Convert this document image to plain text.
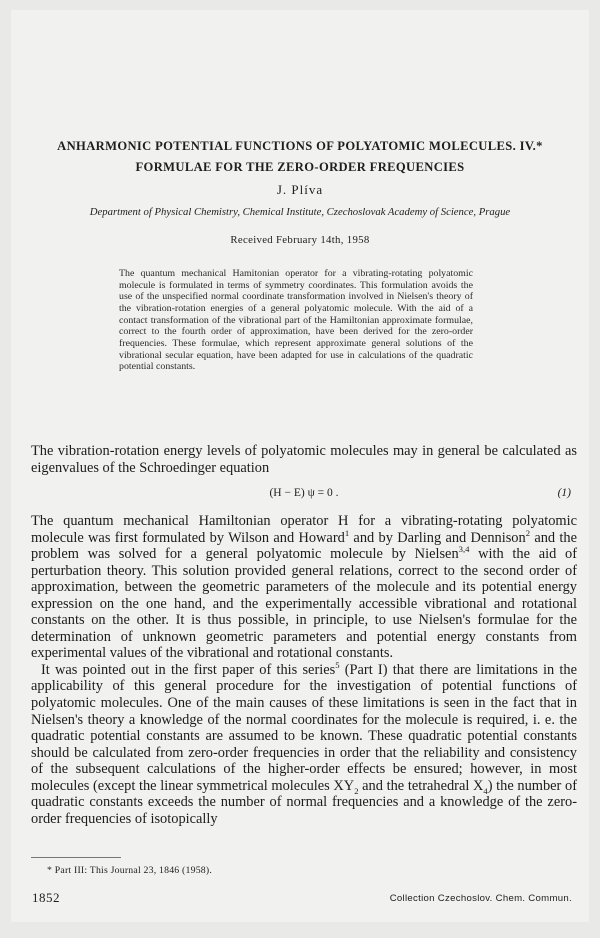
ANHARMONIC POTENTIAL FUNCTIONS OF POLYATOMIC MOLECULES. IV.*
FORMULAE FOR THE ZERO-ORDER FREQUENCIES
J. Plíva
Department of Physical Chemistry, Chemical Institute, Czechoslovak Academy of Science, Prague
Received February 14th, 1958
The quantum mechanical Hamitonian operator for a vibrating-rotating polyatomic molecule is formulated in terms of symmetry coordinates. This formulation avoids the use of the unspecified normal coordinate transformation involved in Nielsen's theory of the vibration-rotation energies of a general polyatomic molecule. With the aid of a contact transformation of the vibrational part of the Hamiltonian approximate formulae, correct to the fourth order of approximation, have been derived for the zero-order frequencies. These formulae, which represent approximate general solutions of the vibrational secular equation, have been adapted for use in calculations of the quadratic potential constants.
The vibration-rotation energy levels of polyatomic molecules may in general be calculated as eigenvalues of the Schroedinger equation
(H − E) ψ = 0 .	(1)
The quantum mechanical Hamiltonian operator H for a vibrating-rotating polyatomic molecule was first formulated by Wilson and Howard$^1$ and by Darling and Dennison$^2$ and the problem was solved for a general polyatomic molecule by Nielsen$^{3,4}$ with the aid of perturbation theory. This solution provided general relations, correct to the second order of approximation, between the geometric parameters of the molecule and its potential energy expression on the one hand, and the experimentally accessible vibrational and rotational constants on the other. It is thus possible, in principle, to use Nielsen's formulae for the determination of unknown geometric parameters and potential energy constants from experimental values of the vibrational and rotational constants.
It was pointed out in the first paper of this series$^5$ (Part I) that there are limitations in the applicability of this general procedure for the investigation of potential functions of polyatomic molecules. One of the main causes of these limitations is seen in the fact that in Nielsen's theory a knowledge of the normal coordinates for the molecule is required, i. e. the quadratic potential constants are assumed to be known. These quadratic potential constants should be calculated from zero-order frequencies in order that the reliability and consistency of the subsequent calculations of the higher-order effects be ensured; however, in most molecules (except the linear symmetrical molecules $XY_2$ and the tetrahedral $X_4$) the number of quadratic constants exceeds the number of normal frequencies and a knowledge of the zero-order frequencies of isotopically
* Part III: This Journal 23, 1846 (1958).
1852	Collection Czechoslov. Chem. Commun.
